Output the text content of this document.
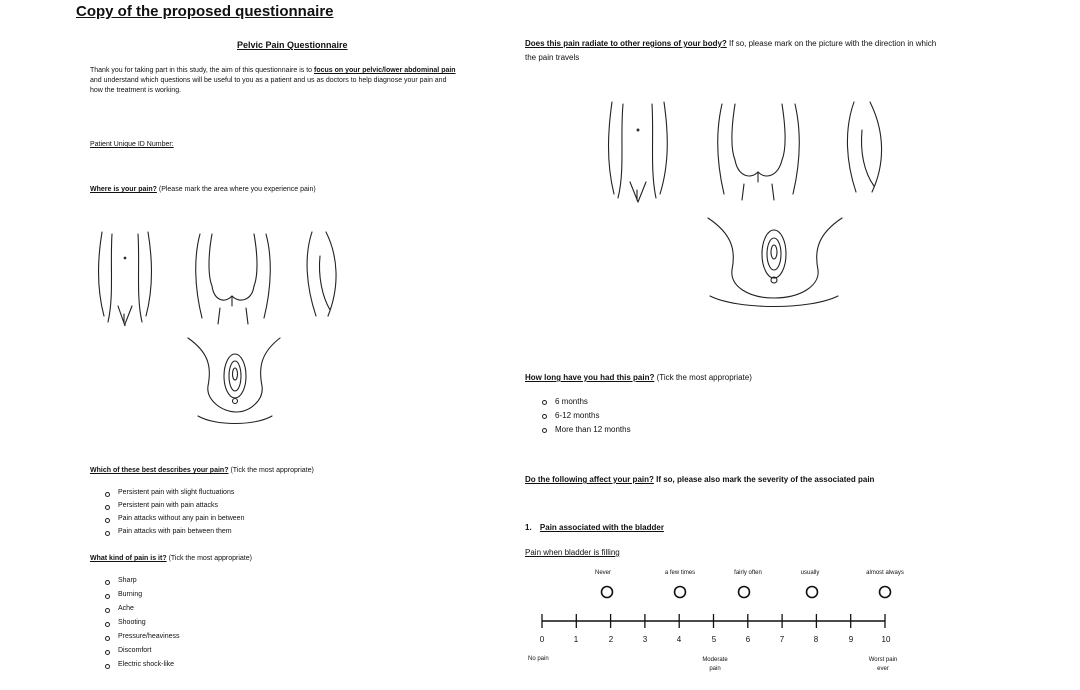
Copy of the proposed questionnaire
Pelvic Pain Questionnaire
Thank you for taking part in this study, the aim of this questionnaire is to focus on your pelvic/lower abdominal pain
and understand which questions will be useful to you as a patient and us as doctors to help diagnose your pain and
how the treatment is working.
Patient Unique ID Number:
Where is your pain? (Please mark the area where you experience pain)
Which of these best describes your pain? (Tick the most appropriate)
Persistent pain with slight fluctuations
Persistent pain with pain attacks
Pain attacks without any pain in between
Pain attacks with pain between them
What kind of pain is it? (Tick the most appropriate)
Sharp
Burning
Ache
Shooting
Pressure/heaviness
Discomfort
Electric shock-like
Does this pain radiate to other regions of your body? If so, please mark on the picture with the direction in which
the pain travels
How long have you had this pain? (Tick the most appropriate)
6 months
6-12 months
More than 12 months
Do the following affect your pain? If so, please also mark the severity of the associated pain
1. Pain associated with the bladder
Pain when bladder is filling
Never	a few times	fairly often	usually	almost always
0	1	2	3	4	5	6	7	8	9	10
No pain	Moderate
pain
Worst pain
ever
